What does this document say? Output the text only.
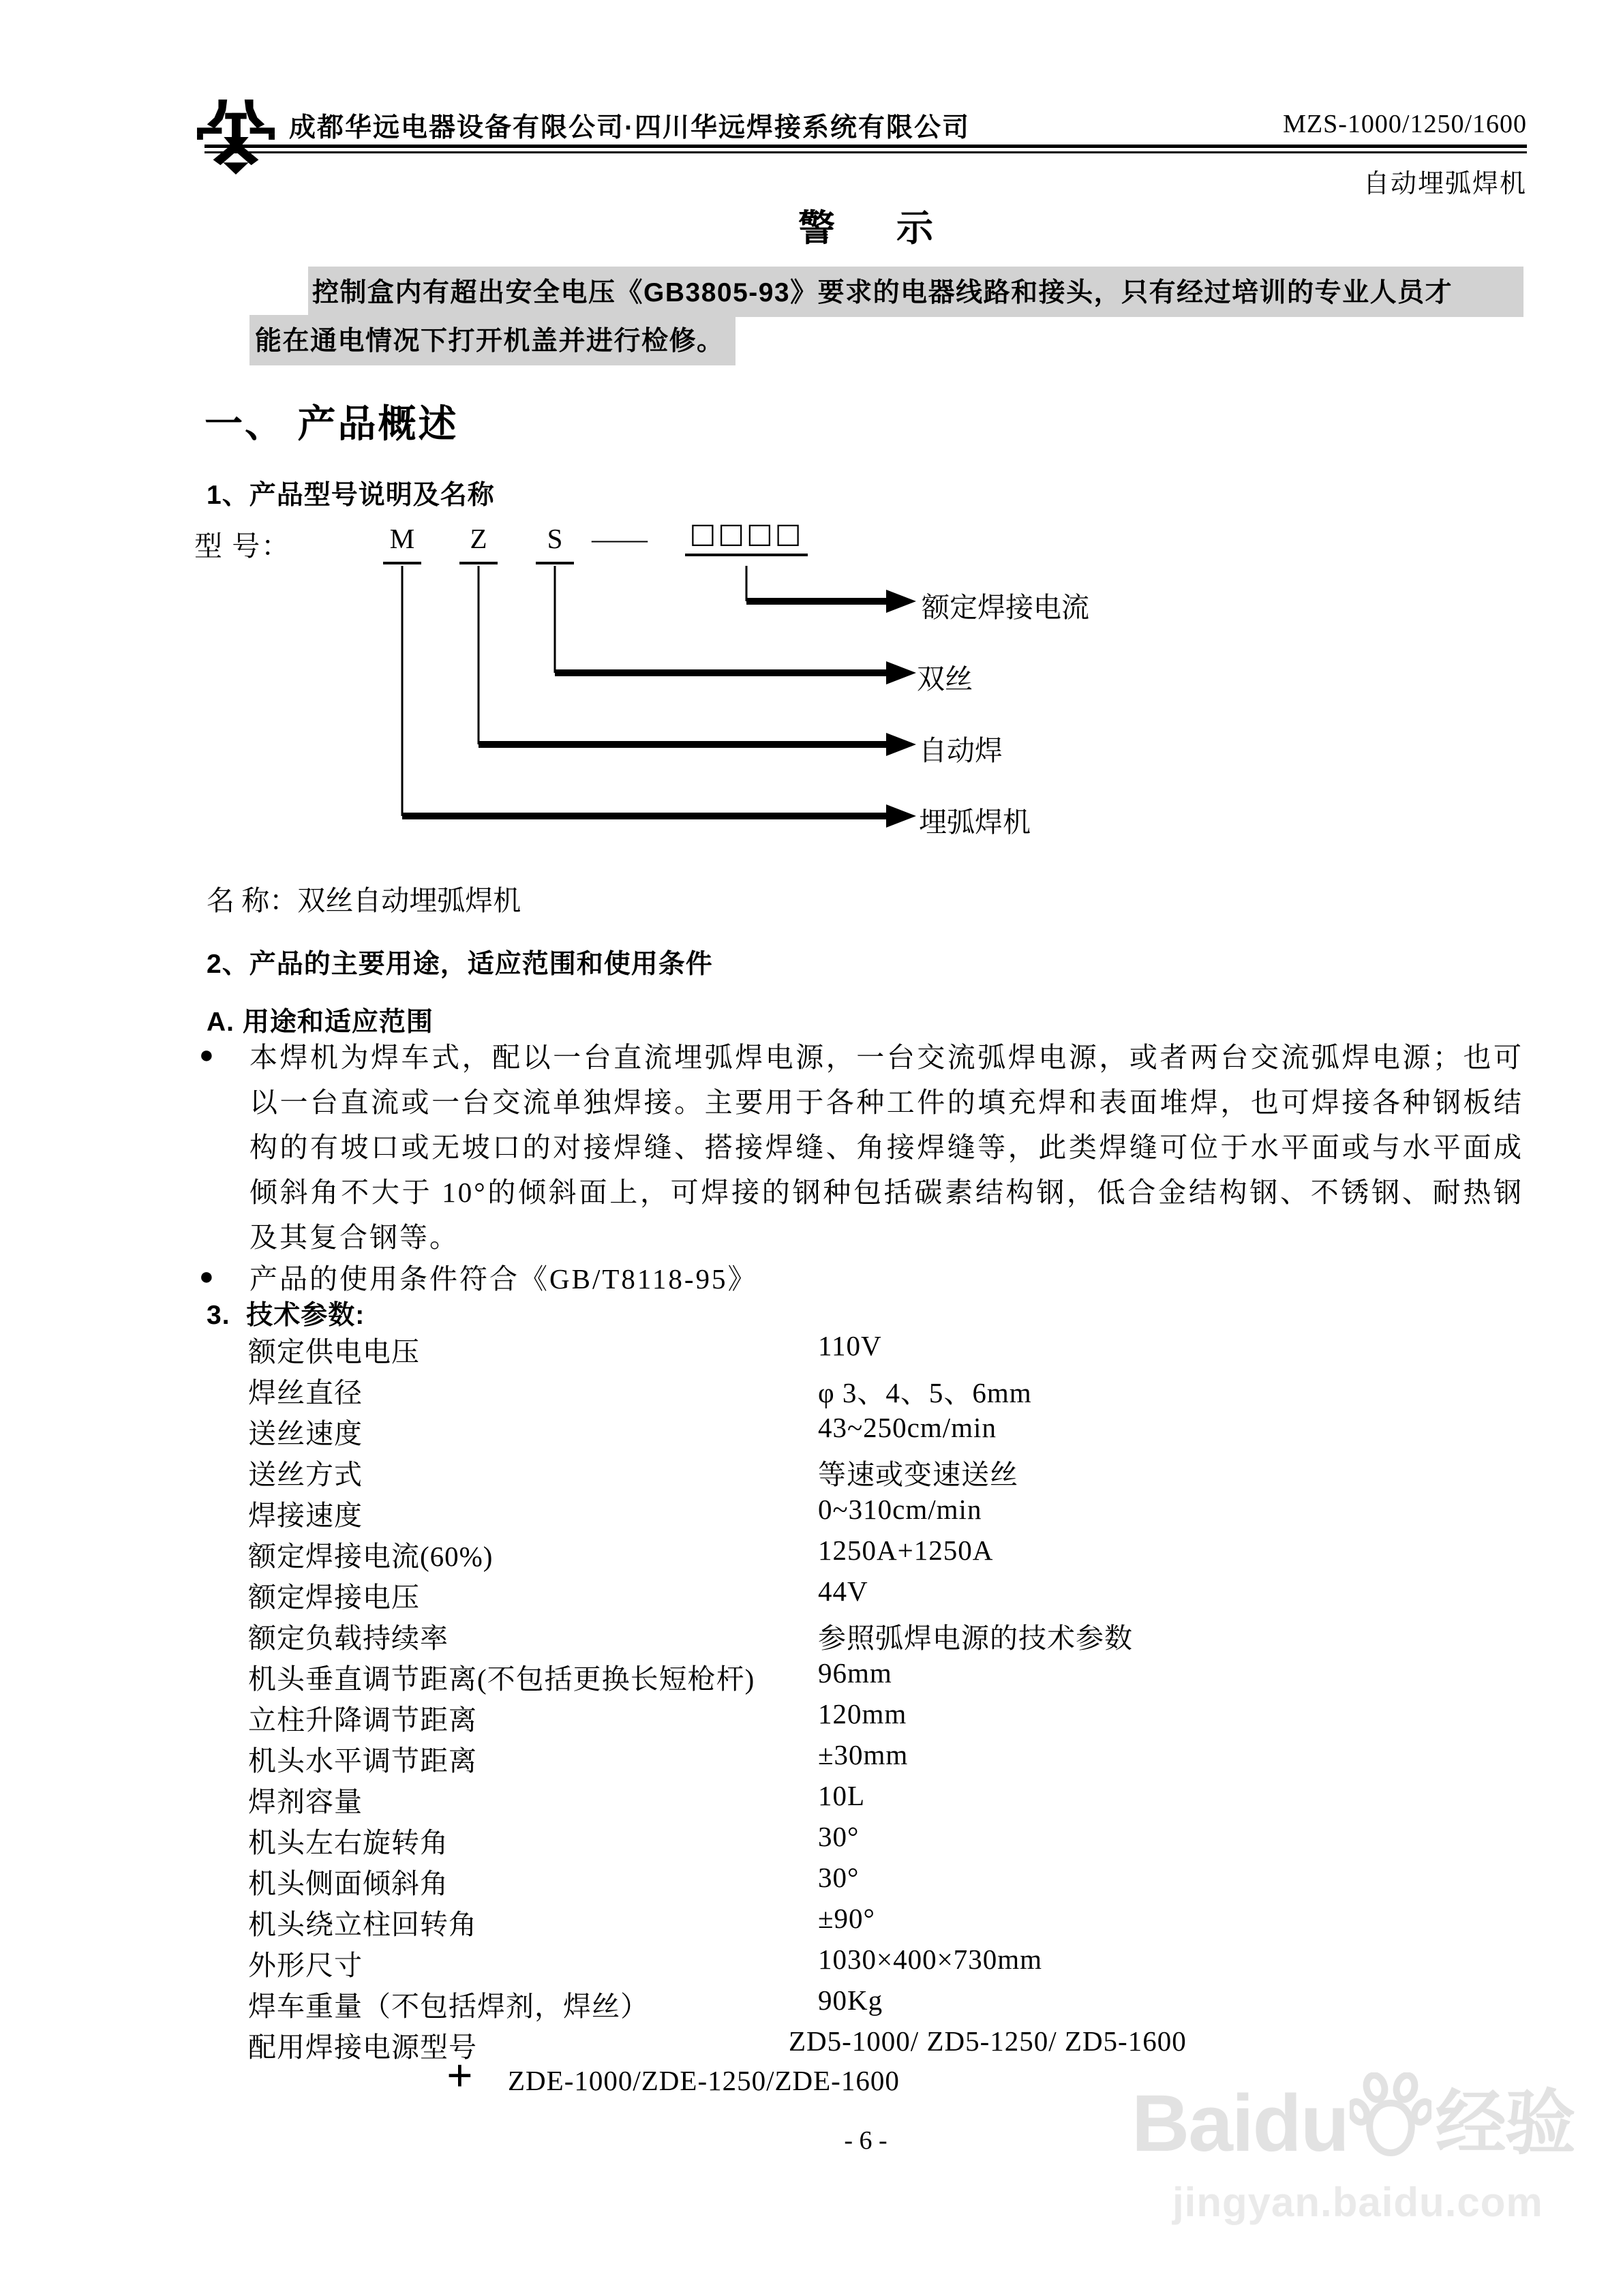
成都华远电器设备有限公司·四川华远焊接系统有限公司	MZS-1000/1250/1600
自动埋弧焊机
警  示
控制盒内有超出安全电压《GB3805-93》要求的电器线路和接头，只有经过培训的专业人员才
能在通电情况下打开机盖并进行检修。
一、 产品概述
1、产品型号说明及名称
型 号：	M	Z	S	—— □□□□
额定焊接电流
双丝
自动焊
埋弧焊机
名 称：双丝自动埋弧焊机
2、产品的主要用途，适应范围和使用条件
A. 用途和适应范围
● 本焊机为焊车式，配以一台直流埋弧焊电源，一台交流弧焊电源，或者两台交流弧焊电源；也可以一台直流或一台交流单独焊接。主要用于各种工件的填充焊和表面堆焊，也可焊接各种钢板结构的有坡口或无坡口的对接焊缝、搭接焊缝、角接焊缝等，此类焊缝可位于水平面或与水平面成倾斜角不大于 10°的倾斜面上，可焊接的钢种包括碳素结构钢，低合金结构钢、不锈钢、耐热钢及其复合钢等。
● 产品的使用条件符合《GB/T8118-95》
3.  技术参数:
额定供电电压	110V
焊丝直径	φ 3、4、5、6mm
送丝速度	43~250cm/min
送丝方式	等速或变速送丝
焊接速度	0~310cm/min
额定焊接电流(60%)	1250A+1250A
额定焊接电压	44V
额定负载持续率	参照弧焊电源的技术参数
机头垂直调节距离(不包括更换长短枪杆) 96mm
立柱升降调节距离	120mm
机头水平调节距离	±30mm
焊剂容量	10L
机头左右旋转角	30°
机头侧面倾斜角	30°
机头绕立柱回转角	±90°
外形尺寸	1030×400×730mm
焊车重量（不包括焊剂，焊丝）	90Kg
配用焊接电源型号	ZD5-1000/ ZD5-1250/ ZD5-1600
+ ZDE-1000/ZDE-1250/ZDE-1600
- 6 -	Baidu 经验
jingyan.baidu.com
